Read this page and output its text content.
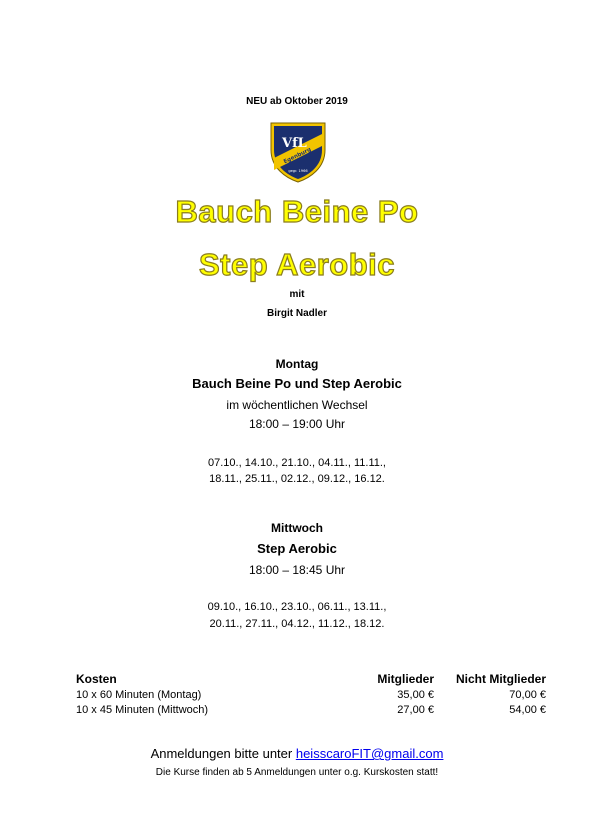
NEU ab Oktober 2019
VfL
Egenburg
gegr. 1966
Bauch Beine Po
Step Aerobic
mit
Birgit Nadler
Montag
Bauch Beine Po und Step Aerobic
im wöchentlichen Wechsel
18:00 – 19:00 Uhr
07.10., 14.10., 21.10., 04.11., 11.11.,
18.11., 25.11., 02.12., 09.12., 16.12.
Mittwoch
Step Aerobic
18:00 – 18:45 Uhr
09.10., 16.10., 23.10., 06.11., 13.11.,
20.11., 27.11., 04.12., 11.12., 18.12.
Kosten	Mitglieder	Nicht Mitglieder
10 x 60 Minuten (Montag)	35,00 €	70,00 €
10 x 45 Minuten (Mittwoch)	27,00 €	54,00 €
Anmeldungen bitte unter heisscaroFIT@gmail.com
Die Kurse finden ab 5 Anmeldungen unter o.g. Kurskosten statt!
